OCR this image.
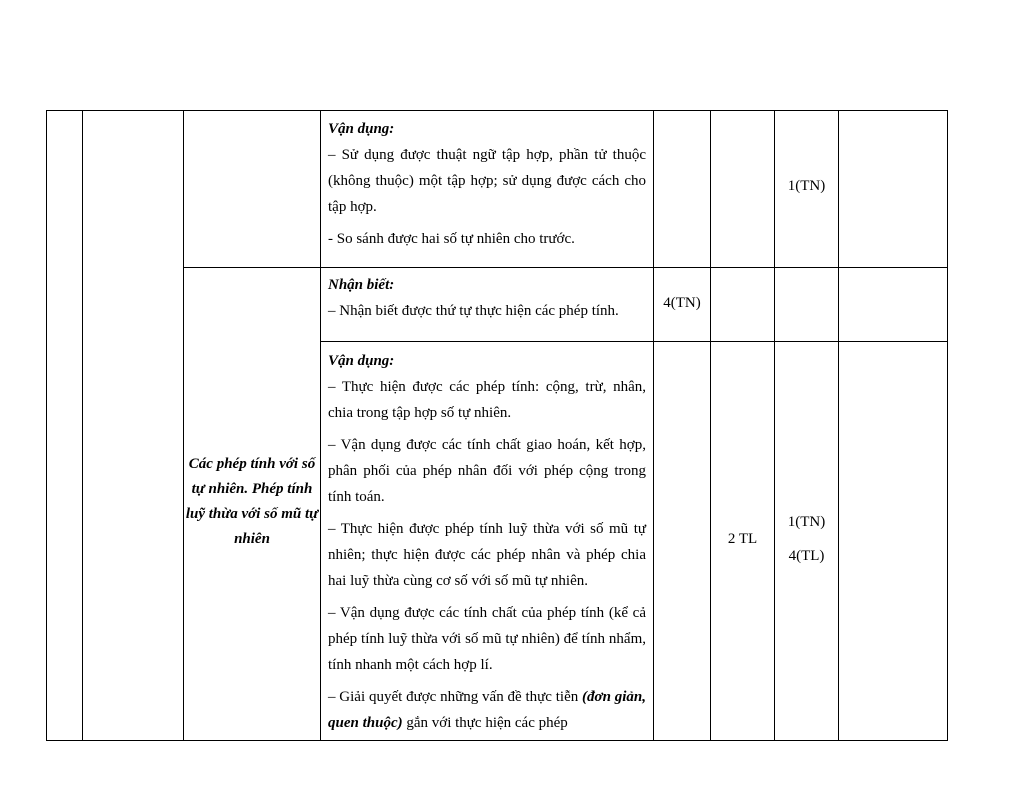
Vận dụng:

– Sử dụng được thuật ngữ tập hợp, phần tử thuộc (không thuộc) một tập hợp; sử dụng được cách cho tập hợp.

- So sánh được hai số tự nhiên cho trước.

1(TN)
Nhận biết:

– Nhận biết được thứ tự thực hiện các phép tính.	4(TN)
Các phép tính với số tự nhiên. Phép tính luỹ thừa với số mũ tự nhiên
Vận dụng:

– Thực hiện được các phép tính: cộng, trừ, nhân, chia trong tập hợp số tự nhiên.

– Vận dụng được các tính chất giao hoán, kết hợp, phân phối của phép nhân đối với phép cộng trong tính toán.

– Thực hiện được phép tính luỹ thừa với số mũ tự nhiên; thực hiện được các phép nhân và phép chia hai luỹ thừa cùng cơ số với số mũ tự nhiên.

– Vận dụng được các tính chất của phép tính (kể cả phép tính luỹ thừa với số mũ tự nhiên) để tính nhẩm, tính nhanh một cách hợp lí.

– Giải quyết được những vấn đề thực tiễn (đơn giản, quen thuộc) gắn với thực hiện các phép

2 TL
1(TN)
4(TL)
